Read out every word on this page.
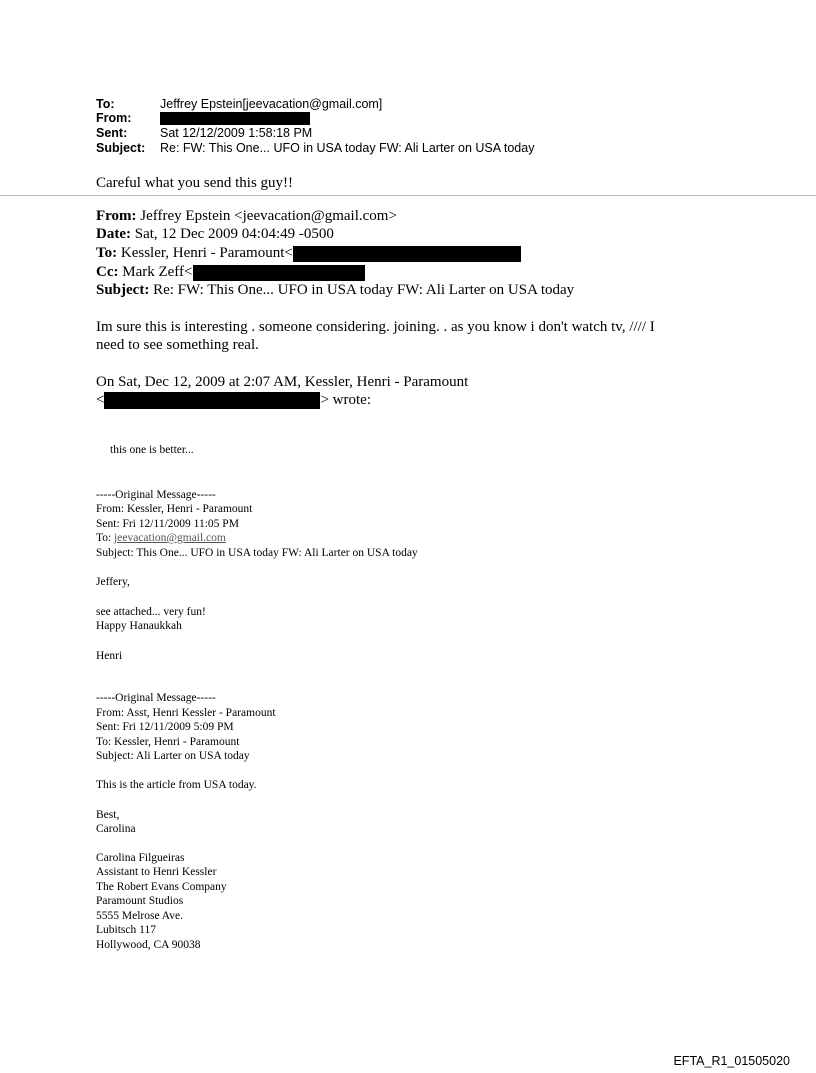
To:	Jeffrey Epstein[jeevacation@gmail.com]
From:
Sent:	Sat 12/12/2009 1:58:18 PM
Subject: Re: FW: This One... UFO in USA today FW: Ali Larter on USA today
Careful what you send this guy!!
From: Jeffrey Epstein <jeevacation@gmail.com>
Date: Sat, 12 Dec 2009 04:04:49 -0500
To: Kessler, Henri - Paramount<
Cc: Mark Zeff<
Subject: Re: FW: This One... UFO in USA today FW: Ali Larter on USA today
Im sure this is interesting . someone considering. joining. . as you know i don't watch tv, //// I
need to see something real.
On Sat, Dec 12, 2009 at 2:07 AM, Kessler, Henri - Paramount
<	> wrote:
this one is better...
-----Original Message-----
From: Kessler, Henri - Paramount
Sent: Fri 12/11/2009 11:05 PM
To: jeevacation@gmail.com
Subject: This One... UFO in USA today FW: Ali Larter on USA today
Jeffery,
see attached... very fun!
Happy Hanaukkah
Henri
-----Original Message-----
From: Asst, Henri Kessler - Paramount
Sent: Fri 12/11/2009 5:09 PM
To: Kessler, Henri - Paramount
Subject: Ali Larter on USA today
This is the article from USA today.
Best,
Carolina
Carolina Filgueiras
Assistant to Henri Kessler
The Robert Evans Company
Paramount Studios
5555 Melrose Ave.
Lubitsch 117
Hollywood, CA 90038
EFTA_R1_01505020
